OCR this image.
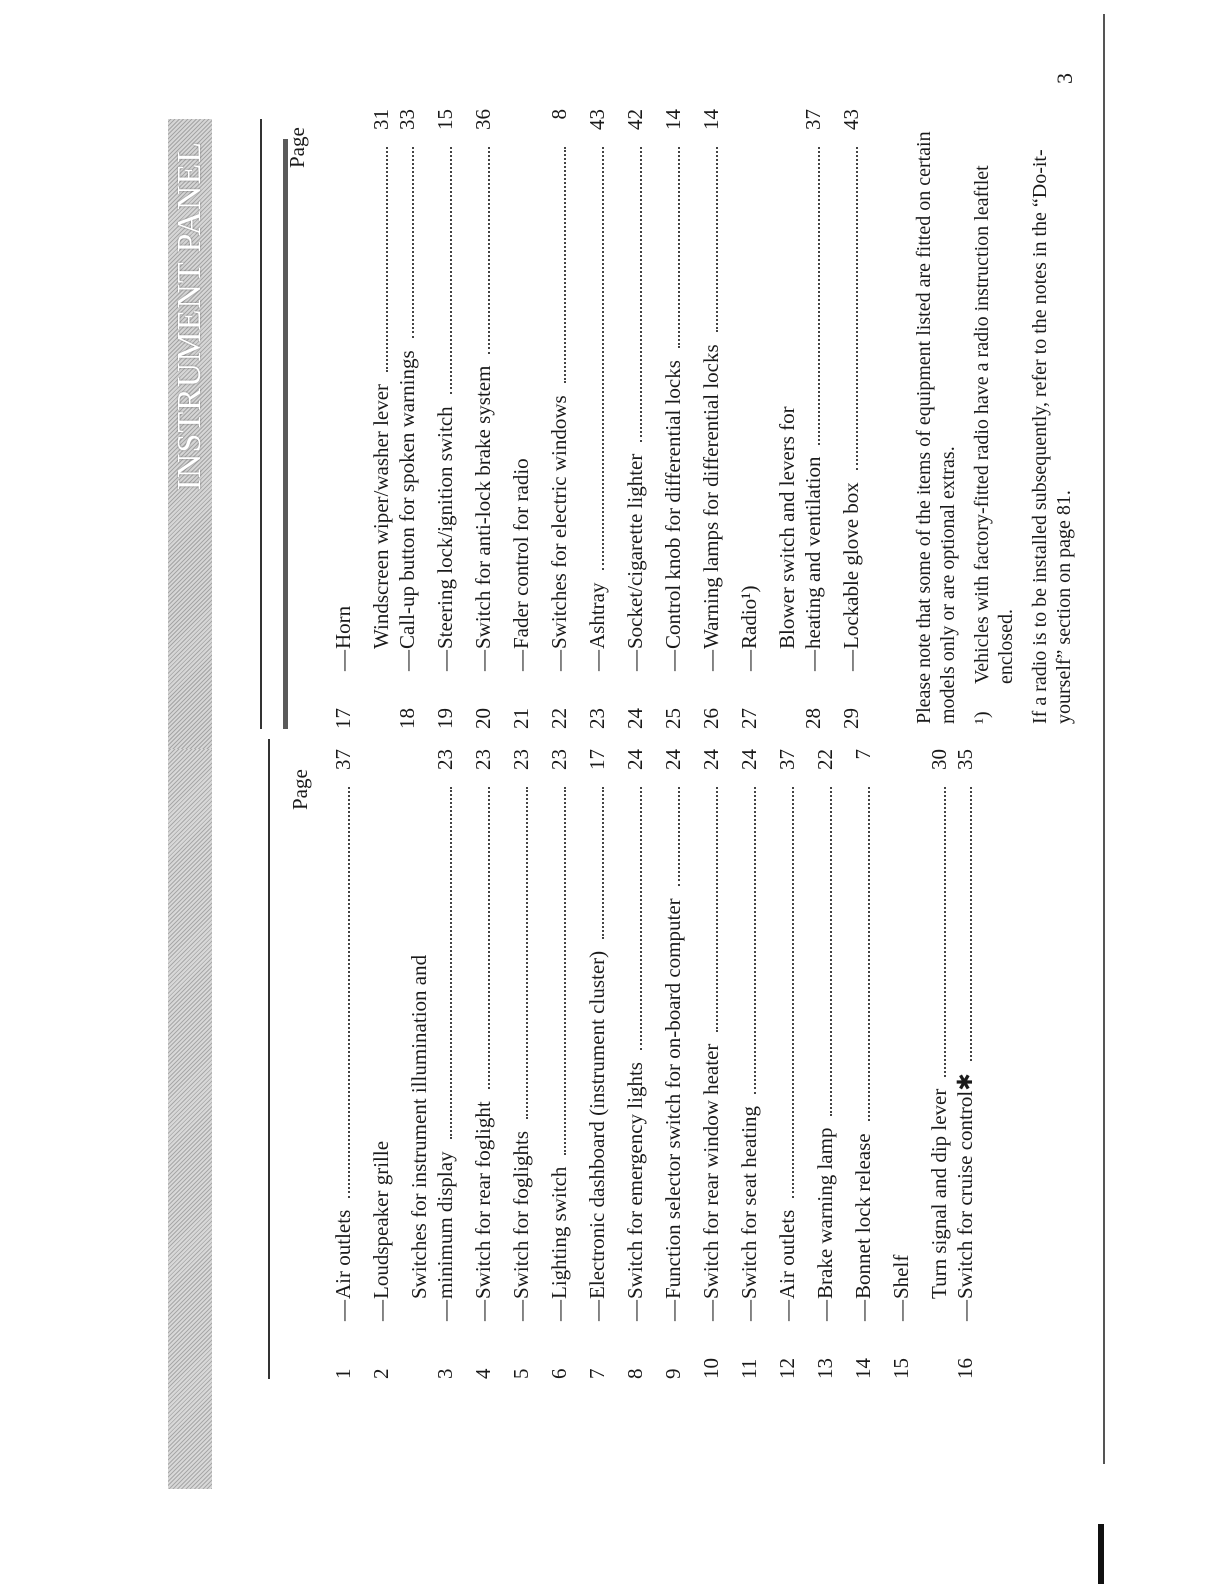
3
INSTRUMENT PANEL
Page
Page
1
—
Air outlets
37
2
—
Loudspeaker grille
3
—
Switches for instrument illumination and minimum display
23
4
—
Switch for rear foglight
23
5
—
Switch for foglights
23
6
—
Lighting switch
23
7
—
Electronic dashboard (instrument cluster)
17
8
—
Switch for emergency lights
24
9
—
Function selector switch for on-board computer
24
10
—
Switch for rear window heater
24
11
—
Switch for seat heating
24
12
—
Air outlets
37
13
—
Brake warning lamp
22
14
—
Bonnet lock release
7
15
—
Shelf
16
—
Turn signal and dip lever
30
Switch for cruise control✱
35
17
—
Horn
18
—
Windscreen wiper/washer lever
31
Call-up button for spoken warnings
33
19
—
Steering lock/ignition switch
15
20
—
Switch for anti-lock brake system
36
21
—
Fader control for radio
22
—
Switches for electric windows
8
23
—
Ashtray
43
24
—
Socket/cigarette lighter
42
25
—
Control knob for differential locks
14
26
—
Warning lamps for differential locks
14
27
—
Radio¹)
28
—
Blower switch and levers for heating and ventilation
37
29
—
Lockable glove box
43
Please note that some of the items of equipment listed are fitted on certain models only or are optional extras. ¹)
Vehicles with factory-fitted radio have a radio instruction leaftlet enclosed. If a radio is to be installed subsequently, refer to the notes in the “Do-it-yourself” section on page 81.
